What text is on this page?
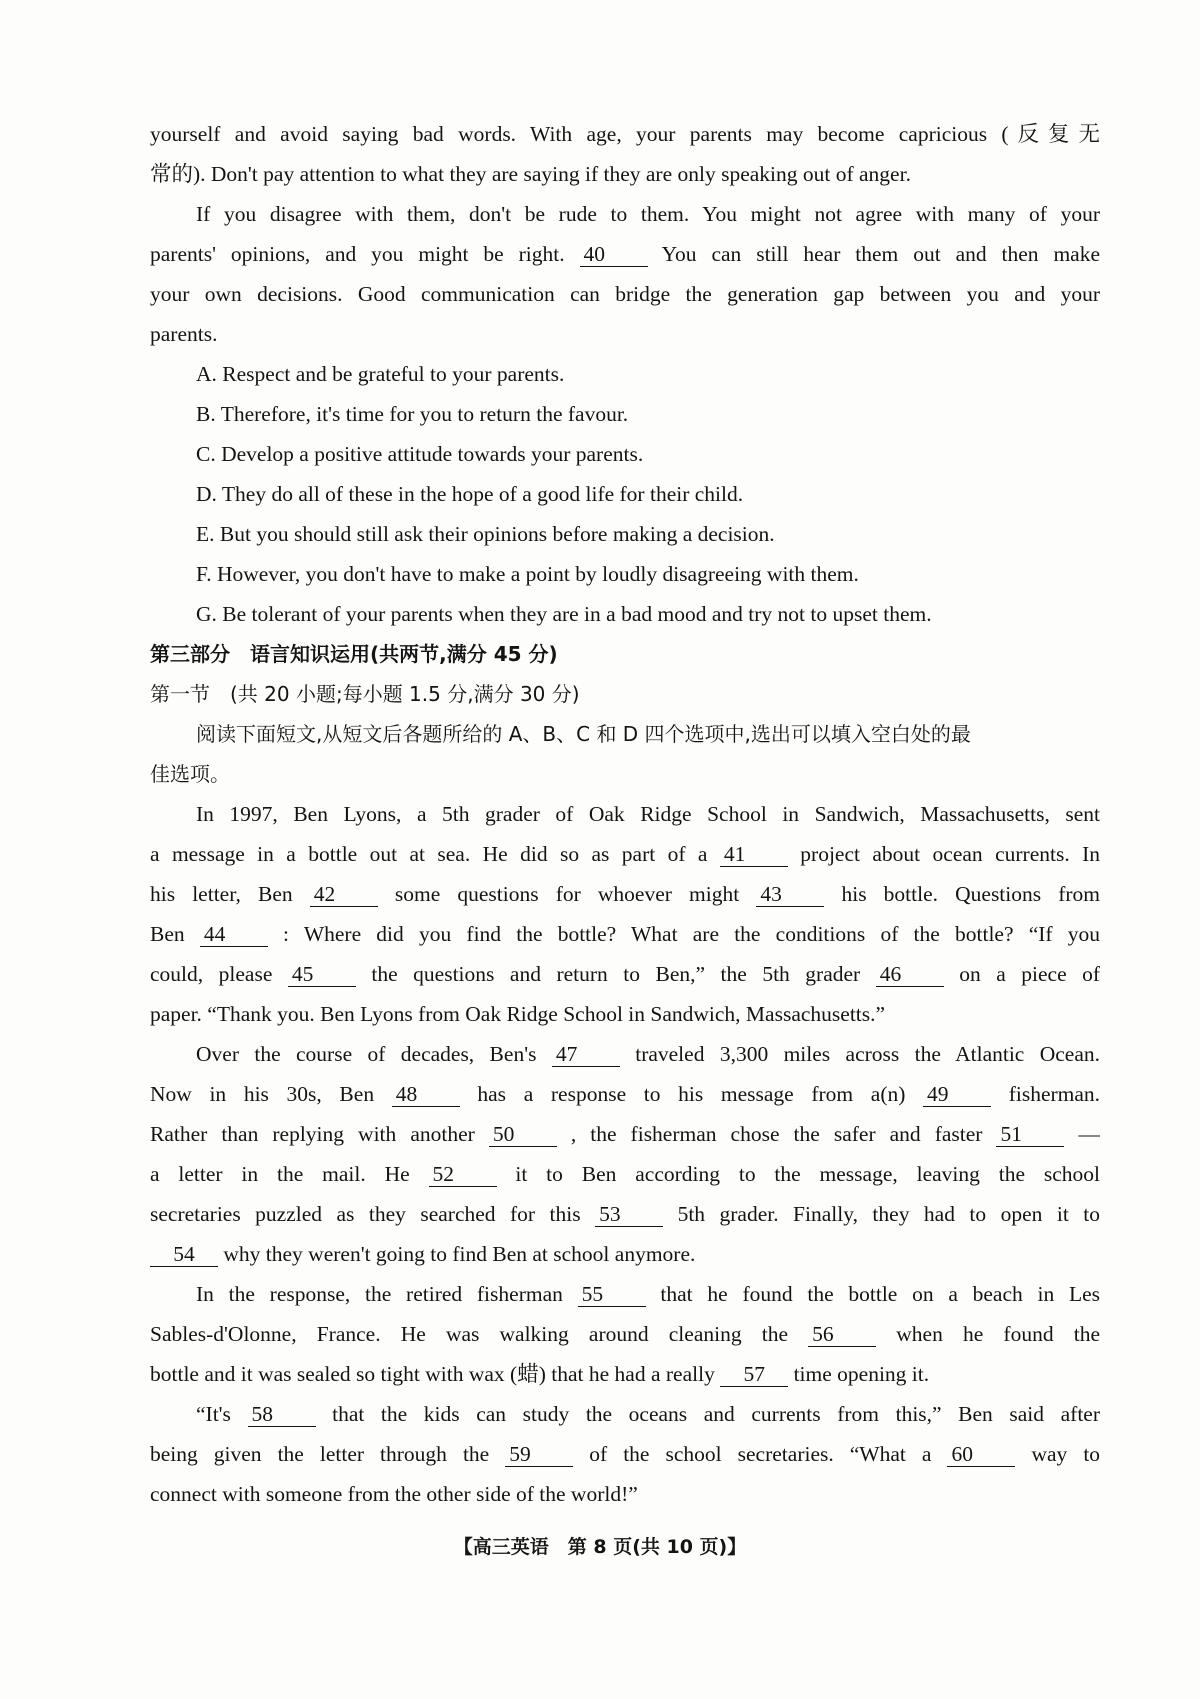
yourself and avoid saying bad words. With age, your parents may become capricious (反复无
常的). Don't pay attention to what they are saying if they are only speaking out of anger.
If you disagree with them, don't be rude to them. You might not agree with many of your
parents' opinions, and you might be right. 40	You can still hear them out and then make
your own decisions. Good communication can bridge the generation gap between you and your
parents.
A. Respect and be grateful to your parents.
B. Therefore, it's time for you to return the favour.
C. Develop a positive attitude towards your parents.
D. They do all of these in the hope of a good life for their child.
E. But you should still ask their opinions before making a decision.
F. However, you don't have to make a point by loudly disagreeing with them.
G. Be tolerant of your parents when they are in a bad mood and try not to upset them.
第三部分　语言知识运用(共两节,满分 45 分)
第一节　(共 20 小题;每小题 1.5 分,满分 30 分)
阅读下面短文,从短文后各题所给的 A、B、C 和 D 四个选项中,选出可以填入空白处的最
佳选项。
In 1997, Ben Lyons, a 5th grader of Oak Ridge School in Sandwich, Massachusetts, sent
a message in a bottle out at sea. He did so as part of a 41	project about ocean currents. In
his letter, Ben 42	some questions for whoever might 43	his bottle. Questions from
Ben 44	: Where did you find the bottle? What are the conditions of the bottle? “If you
could, please 45	the questions and return to Ben,” the 5th grader 46	on a piece of
paper. “Thank you. Ben Lyons from Oak Ridge School in Sandwich, Massachusetts.”
Over the course of decades, Ben's 47	traveled 3,300 miles across the Atlantic Ocean.
Now in his 30s, Ben 48	has a response to his message from a(n) 49	fisherman.
Rather than replying with another 50	, the fisherman chose the safer and faster 51	—
a letter in the mail. He 52	it to Ben according to the message, leaving the school
secretaries puzzled as they searched for this 53	5th grader. Finally, they had to open it to
54 why they weren't going to find Ben at school anymore.
In the response, the retired fisherman 55	that he found the bottle on a beach in Les
Sables-d'Olonne, France. He was walking around cleaning the 56	when he found the
bottle and it was sealed so tight with wax (蜡) that he had a really 57 time opening it.
“It's 58	that the kids can study the oceans and currents from this,” Ben said after
being given the letter through the 59	of the school secretaries. “What a 60	way to
connect with someone from the other side of the world!”
【高三英语　第 8 页(共 10 页)】
